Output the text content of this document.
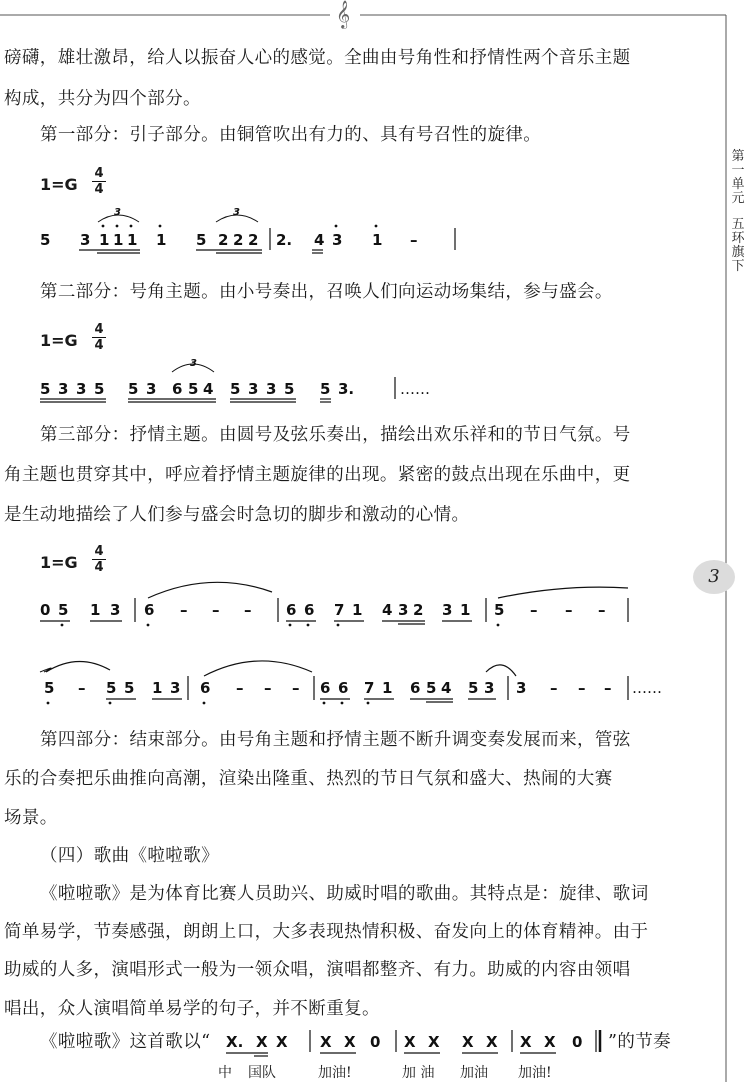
𝄞
第
一
单
元
五
环
旗
下
3
磅礴，雄壮激昂，给人以振奋人心的感觉。全曲由号角性和抒情性两个音乐主题
构成，共分为四个部分。
第一部分：引子部分。由铜管吹出有力的、具有号召性的旋律。
1=G
4
4
第二部分：号角主题。由小号奏出，召唤人们向运动场集结，参与盛会。
1=G
4
4
第三部分：抒情主题。由圆号及弦乐奏出，描绘出欢乐祥和的节日气氛。号
角主题也贯穿其中，呼应着抒情主题旋律的出现。紧密的鼓点出现在乐曲中，更
是生动地描绘了人们参与盛会时急切的脚步和激动的心情。
1=G
4
4
第四部分：结束部分。由号角主题和抒情主题不断升调变奏发展而来，管弦
乐的合奏把乐曲推向高潮，渲染出隆重、热烈的节日气氛和盛大、热闹的大赛
场景。
（四）歌曲《啦啦歌》
《啦啦歌》是为体育比赛人员助兴、助威时唱的歌曲。其特点是：旋律、歌词
简单易学，节奏感强，朗朗上口，大多表现热情积极、奋发向上的体育精神。由于
助威的人多，演唱形式一般为一领众唱，演唱都整齐、有力。助威的内容由领唱
唱出，众人演唱简单易学的句子，并不断重复。
《啦啦歌》这首歌以“	”的节奏
5 3 1 1 1 1 5 2 2 2 2. 4 3 1 –
3	3
5 3 3 5 5 3 6 5 4 5 3 3 5 5 3.	……
3
0 5 1 3 6 – – – 6 6 7 1 4 3 2 3 1 5 – – –
5 – 5 5 1 3 6 – – – 6 6 7 1 6 5 4 5 3 3 – – – ……
X. X X X X 0 X X X X X X 0
中 国队	加油!	加 油 加油 加油!
